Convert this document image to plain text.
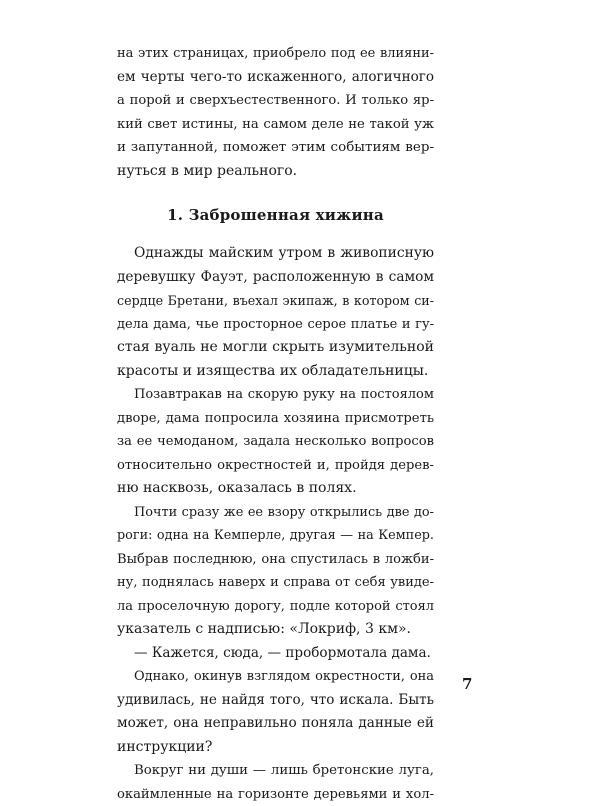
на этих страницах, приобрело под ее влияни-
ем черты чего-то искаженного, алогичного
а порой и сверхъестественного. И только яр-
кий свет истины, на самом деле не такой уж
и запутанной, поможет этим событиям вер-
нуться в мир реального.
1. Заброшенная хижина
Однажды майским утром в живописную
деревушку Фауэт, расположенную в самом
сердце Бретани, въехал экипаж, в котором си-
дела дама, чье просторное серое платье и гу-
стая вуаль не могли скрыть изумительной
красоты и изящества их обладательницы.
Позавтракав на скорую руку на постоялом
дворе, дама попросила хозяина присмотреть
за ее чемоданом, задала несколько вопросов
относительно окрестностей и, пройдя дерев-
ню насквозь, оказалась в полях.
Почти сразу же ее взору открылись две до-
роги: одна на Кемперле, другая — на Кемпер.
Выбрав последнюю, она спустилась в ложби-
ну, поднялась наверх и справа от себя увиде-
ла проселочную дорогу, подле которой стоял
указатель с надписью: «Локриф, 3 км».
— Кажется, сюда, — пробормотала дама.
Однако, окинув взглядом окрестности, она
удивилась, не найдя того, что искала. Быть
может, она неправильно поняла данные ей
инструкции?
Вокруг ни души — лишь бретонские луга,
окаймленные на горизонте деревьями и хол-
7
